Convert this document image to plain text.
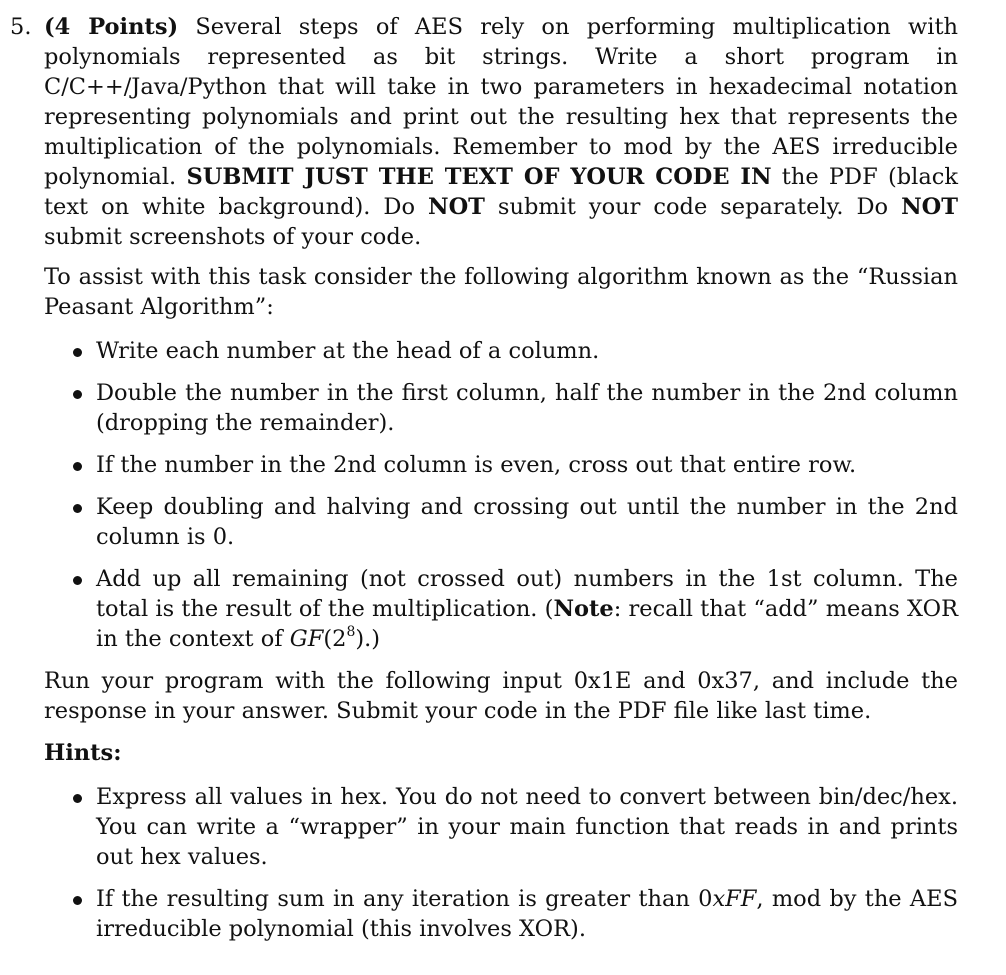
5. (4 Points) Several steps of AES rely on performing multiplication with polynomials represented as bit strings. Write a short program in C/C++/Java/Python that will take in two parameters in hexadecimal notation representing polynomials and print out the resulting hex that represents the multiplication of the polynomials. Remember to mod by the AES irreducible polynomial. SUBMIT JUST THE TEXT OF YOUR CODE IN the PDF (black text on white background). Do NOT submit your code separately. Do NOT submit screenshots of your code.

To assist with this task consider the following algorithm known as the “Russian Peasant Algorithm”:

Write each number at the head of a column.
Double the number in the first column, half the number in the 2nd column (dropping the remainder).
If the number in the 2nd column is even, cross out that entire row.
Keep doubling and halving and crossing out until the number in the 2nd column is 0.
Add up all remaining (not crossed out) numbers in the 1st column. The total is the result of the multiplication. (Note: recall that “add” means XOR in the context of $GF(2^8)$.)

Run your program with the following input 0x1E and 0x37, and include the response in your answer. Submit your code in the PDF file like last time.

Hints:

Express all values in hex. You do not need to convert between bin/dec/hex. You can write a “wrapper” in your main function that reads in and prints out hex values.
If the resulting sum in any iteration is greater than 0xFF, mod by the AES irreducible polynomial (this involves XOR).
